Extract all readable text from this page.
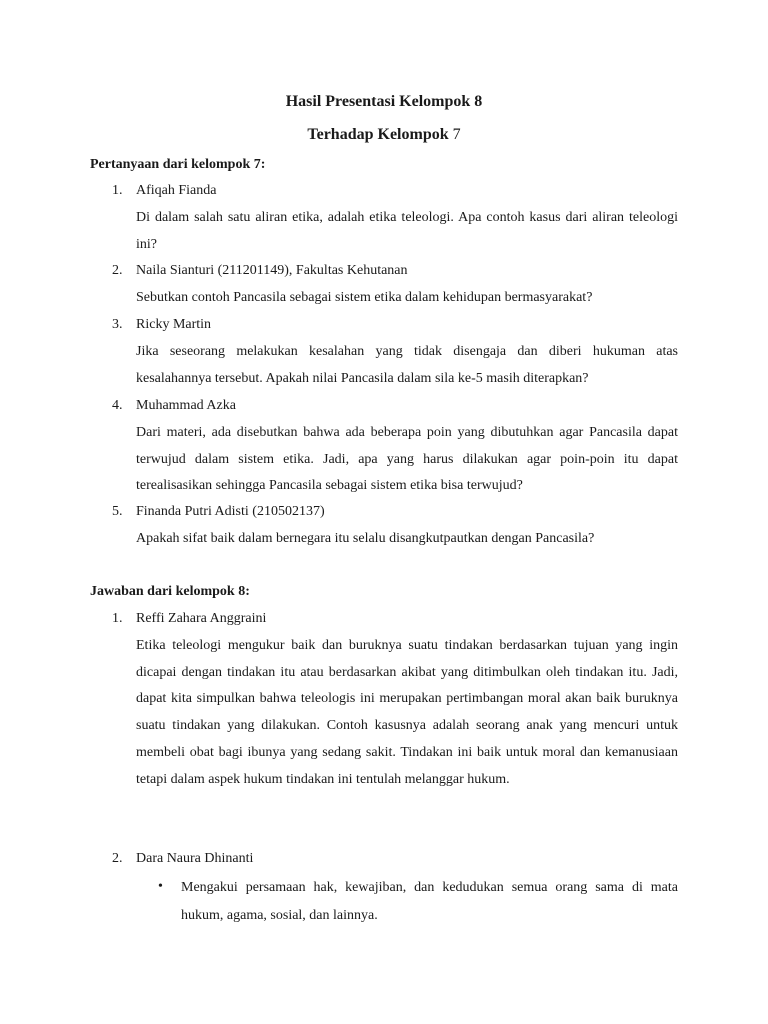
Hasil Presentasi Kelompok 8
Terhadap Kelompok 7
Pertanyaan dari kelompok 7:
1. Afiqah Fianda
Di dalam salah satu aliran etika, adalah etika teleologi. Apa contoh kasus dari aliran teleologi ini?
2. Naila Sianturi (211201149), Fakultas Kehutanan
Sebutkan contoh Pancasila sebagai sistem etika dalam kehidupan bermasyarakat?
3. Ricky Martin
Jika seseorang melakukan kesalahan yang tidak disengaja dan diberi hukuman atas kesalahannya tersebut. Apakah nilai Pancasila dalam sila ke-5 masih diterapkan?
4. Muhammad Azka
Dari materi, ada disebutkan bahwa ada beberapa poin yang dibutuhkan agar Pancasila dapat terwujud dalam sistem etika. Jadi, apa yang harus dilakukan agar poin-poin itu dapat terealisasikan sehingga Pancasila sebagai sistem etika bisa terwujud?
5. Finanda Putri Adisti (210502137)
Apakah sifat baik dalam bernegara itu selalu disangkutpautkan dengan Pancasila?
Jawaban dari kelompok 8:
1. Reffi Zahara Anggraini
Etika teleologi mengukur baik dan buruknya suatu tindakan berdasarkan tujuan yang ingin dicapai dengan tindakan itu atau berdasarkan akibat yang ditimbulkan oleh tindakan itu. Jadi, dapat kita simpulkan bahwa teleologis ini merupakan pertimbangan moral akan baik buruknya suatu tindakan yang dilakukan. Contoh kasusnya adalah seorang anak yang mencuri untuk membeli obat bagi ibunya yang sedang sakit. Tindakan ini baik untuk moral dan kemanusiaan tetapi dalam aspek hukum tindakan ini tentulah melanggar hukum.
2. Dara Naura Dhinanti
• Mengakui persamaan hak, kewajiban, dan kedudukan semua orang sama di mata hukum, agama, sosial, dan lainnya.
